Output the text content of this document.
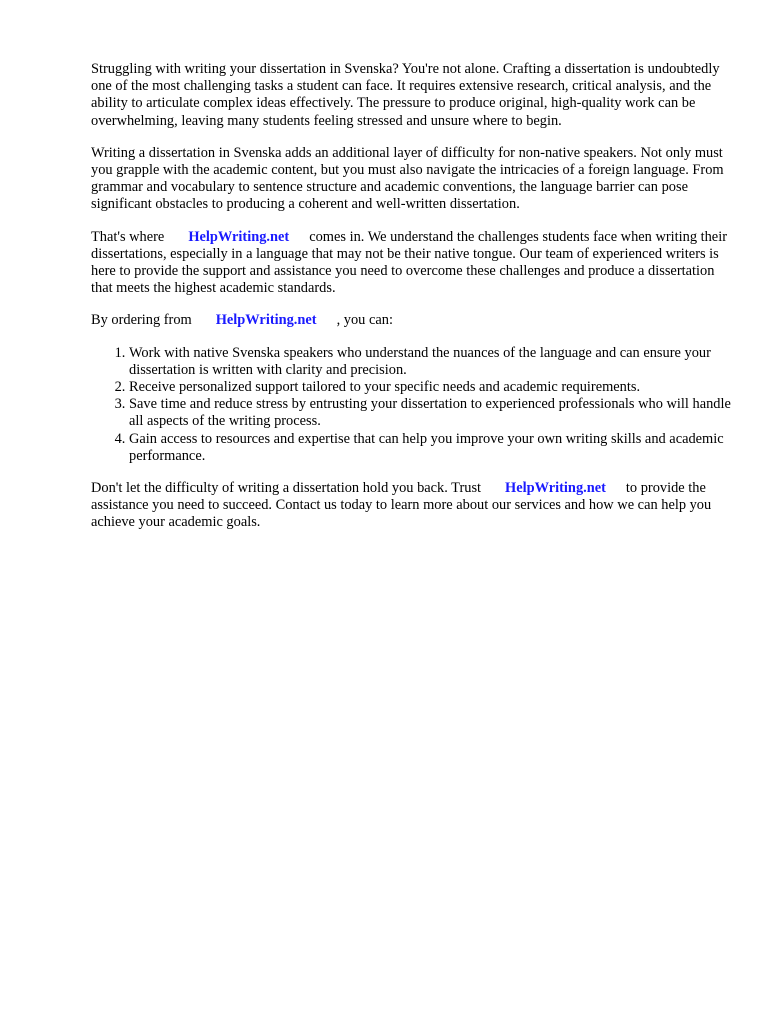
Struggling with writing your dissertation in Svenska? You're not alone. Crafting a dissertation is undoubtedly one of the most challenging tasks a student can face. It requires extensive research, critical analysis, and the ability to articulate complex ideas effectively. The pressure to produce original, high-quality work can be overwhelming, leaving many students feeling stressed and unsure where to begin.

Writing a dissertation in Svenska adds an additional layer of difficulty for non-native speakers. Not only must you grapple with the academic content, but you must also navigate the intricacies of a foreign language. From grammar and vocabulary to sentence structure and academic conventions, the language barrier can pose significant obstacles to producing a coherent and well-written dissertation.

That's where HelpWriting.net comes in. We understand the challenges students face when writing their dissertations, especially in a language that may not be their native tongue. Our team of experienced writers is here to provide the support and assistance you need to overcome these challenges and produce a dissertation that meets the highest academic standards.

By ordering from HelpWriting.net , you can:

1. Work with native Svenska speakers who understand the nuances of the language and can ensure your dissertation is written with clarity and precision.
2. Receive personalized support tailored to your specific needs and academic requirements.
3. Save time and reduce stress by entrusting your dissertation to experienced professionals who will handle all aspects of the writing process.
4. Gain access to resources and expertise that can help you improve your own writing skills and academic performance.

Don't let the difficulty of writing a dissertation hold you back. Trust HelpWriting.net to provide the assistance you need to succeed. Contact us today to learn more about our services and how we can help you achieve your academic goals.
